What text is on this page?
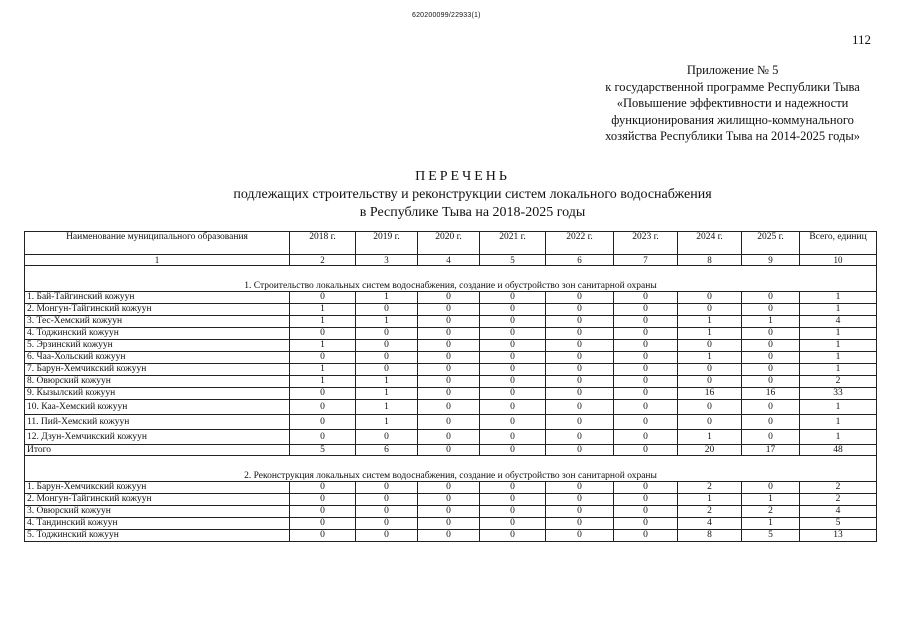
620200099/22933(1)
112
Приложение № 5
к государственной программе Республики Тыва
«Повышение эффективности и надежности
функционирования жилищно-коммунального
хозяйства Республики Тыва на 2014-2025 годы»
ПЕРЕЧЕНЬ
подлежащих строительству и реконструкции систем локального водоснабжения
в Республике Тыва на 2018-2025 годы
Наименование муниципального образования	2018 г.	2019 г.	2020 г.	2021 г.	2022 г.	2023 г.	2024 г.	2025 г.	Всего, единиц
1	2	3	4	5	6	7	8	9	10
1. Строительство локальных систем водоснабжения, создание и обустройство зон санитарной охраны									
1. Бай-Тайгинский кожуун	0	1	0	0	0	0	0	0	1
2. Монгун-Тайгинский кожуун	1	0	0	0	0	0	0	0	1
3. Тес-Хемский кожуун	1	1	0	0	0	0	1	1	4
4. Тоджинский кожуун	0	0	0	0	0	0	1	0	1
5. Эрзинский кожуун	1	0	0	0	0	0	0	0	1
6. Чаа-Хольский кожуун	0	0	0	0	0	0	1	0	1
7. Барун-Хемчикский кожуун	1	0	0	0	0	0	0	0	1
8. Овюрский кожуун	1	1	0	0	0	0	0	0	2
9. Кызылский кожуун	0	1	0	0	0	0	16	16	33
10. Каа-Хемский кожуун	0	1	0	0	0	0	0	0	1
11. Пий-Хемский кожуун	0	1	0	0	0	0	0	0	1
12. Дзун-Хемчикский кожуун	0	0	0	0	0	0	1	0	1
Итого	5	6	0	0	0	0	20	17	48
2. Реконструкция локальных систем водоснабжения, создание и обустройство зон санитарной охраны									
1. Барун-Хемчикский кожуун	0	0	0	0	0	0	2	0	2
2. Монгун-Тайгинский кожуун	0	0	0	0	0	0	1	1	2
3. Овюрский кожуун	0	0	0	0	0	0	2	2	4
4. Тандинский кожуун	0	0	0	0	0	0	4	1	5
5. Тоджинский кожуун	0	0	0	0	0	0	8	5	13
